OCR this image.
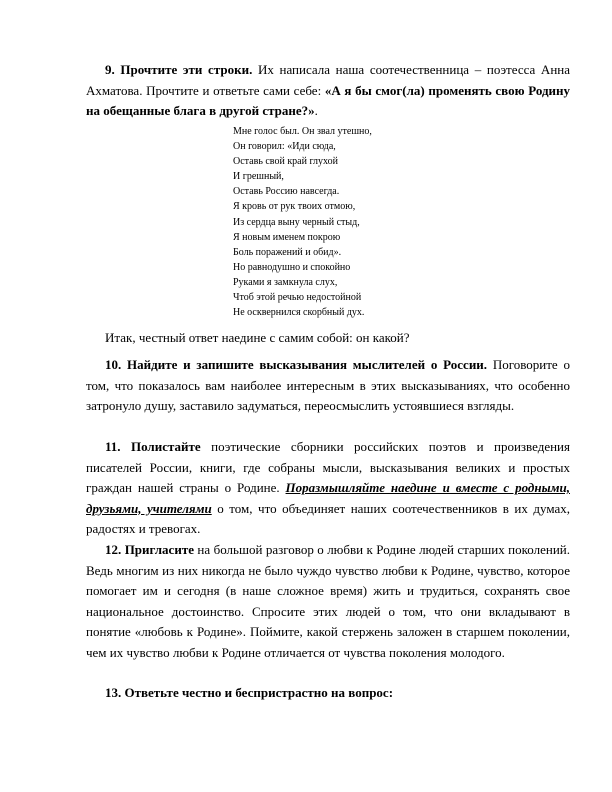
9. Прочтите эти строки. Их написала наша соотечественница – поэтесса Анна Ахматова. Прочтите и ответьте сами себе: «А я бы смог(ла) променять свою Родину на обещанные блага в другой стране?».

Мне голос был. Он звал утешно,
Он говорил: «Иди сюда,
Оставь свой край глухой
И грешный,
Оставь Россию навсегда.
Я кровь от рук твоих отмою,
Из сердца выну черный стыд,
Я новым именем покрою
Боль поражений и обид».
Но равнодушно и спокойно
Руками я замкнула слух,
Чтоб этой речью недостойной
Не осквернился скорбный дух.

Итак, честный ответ наедине с самим собой: он какой?

10. Найдите и запишите высказывания мыслителей о России. Поговорите о том, что показалось вам наиболее интересным в этих высказываниях, что особенно затронуло душу, заставило задуматься, переосмыслить устоявшиеся взгляды.

11. Полистайте поэтические сборники российских поэтов и произведения писателей России, книги, где собраны мысли, высказывания великих и простых граждан нашей страны о Родине. Поразмышляйте наедине и вместе с родными, друзьями, учителями о том, что объединяет наших соотечественников в их думах, радостях и тревогах.

12. Пригласите на большой разговор о любви к Родине людей старших поколений. Ведь многим из них никогда не было чуждо чувство любви к Родине, чувство, которое помогает им и сегодня (в наше сложное время) жить и трудиться, сохранять свое национальное достоинство. Спросите этих людей о том, что они вкладывают в понятие «любовь к Родине». Поймите, какой стержень заложен в старшем поколении, чем их чувство любви к Родине отличается от чувства поколения молодого.

13. Ответьте честно и беспристрастно на вопрос:
